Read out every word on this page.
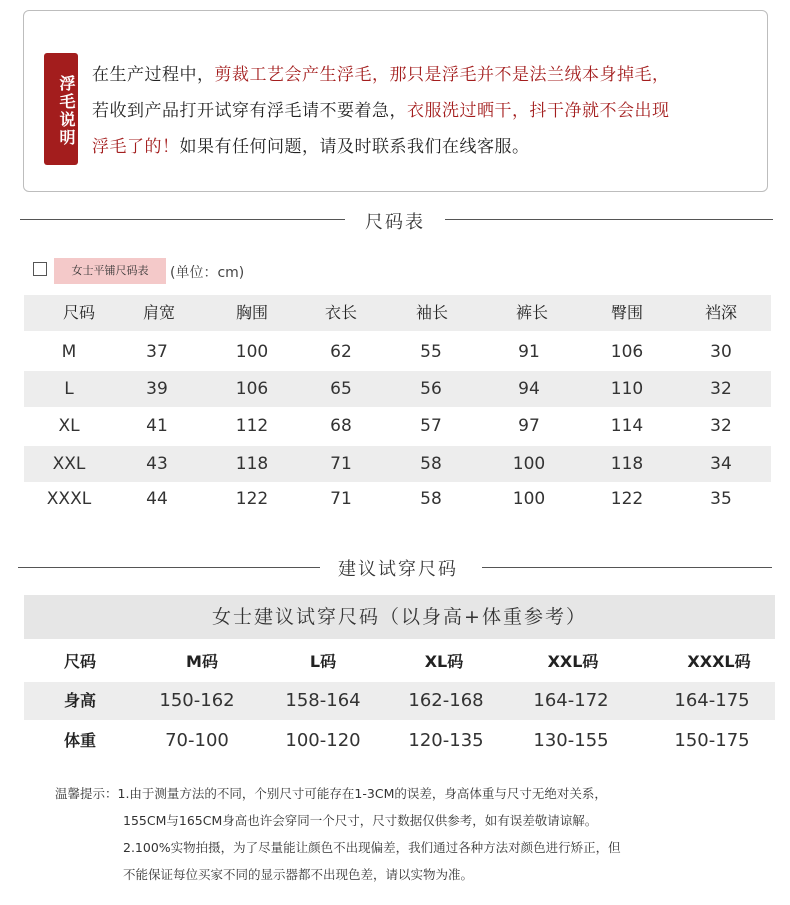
浮毛说明 在生产过程中，剪裁工艺会产生浮毛，那只是浮毛并不是法兰绒本身掉毛，
若收到产品打开试穿有浮毛请不要着急，衣服洗过晒干，抖干净就不会出现
浮毛了的！如果有任何问题，请及时联系我们在线客服。
尺码表
女士平铺尺码表	(单位：cm)
尺码	肩宽	胸围	衣长	袖长	裤长	臀围	裆深
M	37	100	62	55	91	106	30
L	39	106	65	56	94	110	32
XL	41	112	68	57	97	114	32
XXL	43	118	71	58	100	118	34
XXXL	44	122	71	58	100	122	35
建议试穿尺码
女士建议试穿尺码（以身高+体重参考）
尺码	M码	L码	XL码	XXL码	XXXL码
身高	150-162	158-164	162-168	164-172	164-175
体重	70-100	100-120	120-135	130-155	150-175
温馨提示：1.由于测量方法的不同，个别尺寸可能存在1-3CM的误差，身高体重与尺寸无绝对关系，
155CM与165CM身高也许会穿同一个尺寸，尺寸数据仅供参考，如有误差敬请谅解。
2.100%实物拍摄，为了尽量能让颜色不出现偏差，我们通过各种方法对颜色进行矫正，但
不能保证每位买家不同的显示器都不出现色差，请以实物为准。
